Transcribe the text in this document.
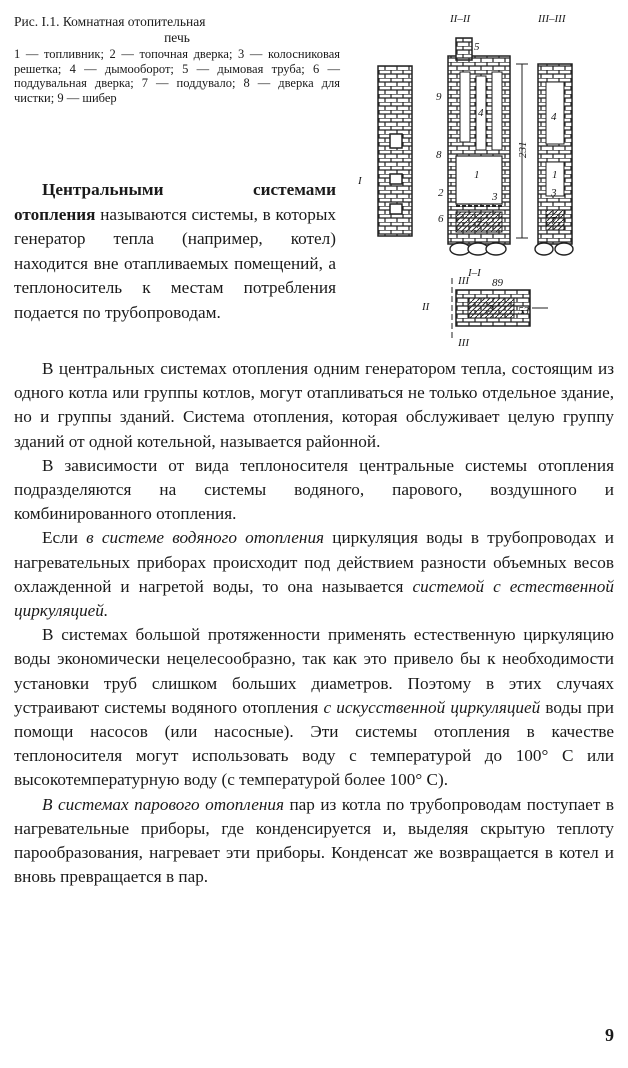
Рис. I.1. Комнатная отопительная
печь
1 — топливник; 2 — топочная дверка; 3 — колосниковая решетка; 4 — дымооборот; 5 — дымовая труба; 6 — поддувальная дверка; 7 — поддувало; 8 — дверка для чистки; 9 — шибер
II–II	III–III
I–I
I
II
III
III
1
2	3
4
5
6	7
8
9
3
4
7
1
3
231
89
53

Центральными системами отопления называются системы, в которых генератор тепла (например, котел) находится вне отапливаемых помещений, а теплоноситель к местам потребления подается по трубопроводам.

В центральных системах отопления одним генератором тепла, состоящим из одного котла или группы котлов, могут отапливаться не только отдельное здание, но и группы зданий. Система отопления, которая обслуживает целую группу зданий от одной котельной, называется районной.

В зависимости от вида теплоносителя центральные системы отопления подразделяются на системы водяного, парового, воздушного и комбинированного отопления.

Если в системе водяного отопления циркуляция воды в трубопроводах и нагревательных приборах происходит под действием разности объемных весов охлажденной и нагретой воды, то она называется системой с естественной циркуляцией.

В системах большой протяженности применять естественную циркуляцию воды экономически нецелесообразно, так как это привело бы к необходимости установки труб слишком больших диаметров. Поэтому в этих случаях устраивают системы водяного отопления с искусственной циркуляцией воды при помощи насосов (или насосные). Эти системы отопления в качестве теплоносителя могут использовать воду с температурой до 100° С или высокотемпературную воду (с температурой более 100° С).

В системах парового отопления пар из котла по трубопроводам поступает в нагревательные приборы, где конденсируется и, выделяя скрытую теплоту парообразования, нагревает эти приборы. Конденсат же возвращается в котел и вновь превращается в пар.

9
